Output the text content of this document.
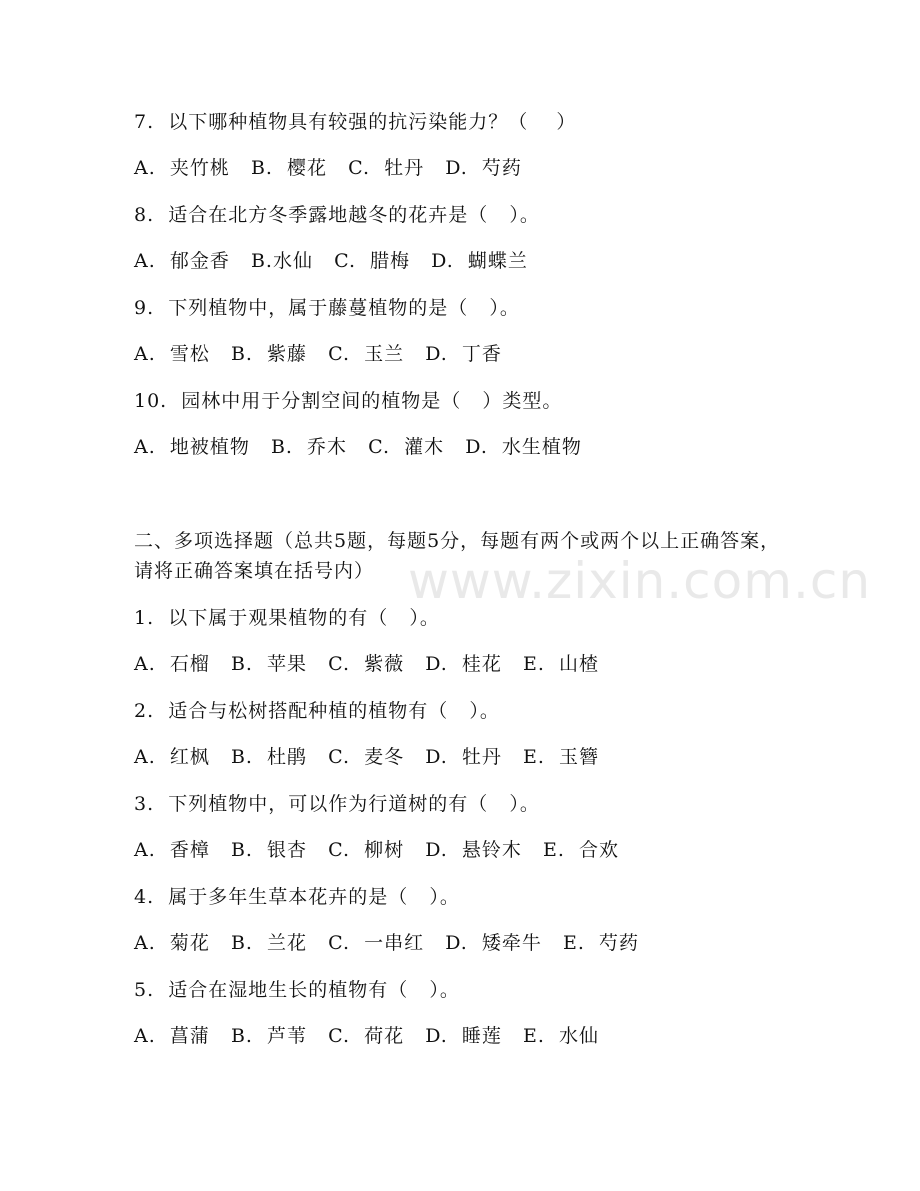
www.zixin.com.cn
7.  以下哪种植物具有较强的抗污染能力？（    ）
A.  夹竹桃   B.  樱花   C.  牡丹   D.  芍药
8.  适合在北方冬季露地越冬的花卉是（   ）。
A.  郁金香   B.水仙   C.  腊梅   D.  蝴蝶兰
9.  下列植物中，属于藤蔓植物的是（   ）。
A.  雪松   B.  紫藤   C.  玉兰   D.  丁香
10.  园林中用于分割空间的植物是（   ）类型。
A.  地被植物   B.  乔木   C.  灌木   D.  水生植物
二、多项选择题（总共5题，每题5分，每题有两个或两个以上正确答案，请将正确答案填在括号内）
1.  以下属于观果植物的有（   ）。
A.  石榴   B.  苹果   C.  紫薇   D.  桂花   E.  山楂
2.  适合与松树搭配种植的植物有（   ）。
A.  红枫   B.  杜鹃   C.  麦冬   D.  牡丹   E.  玉簪
3.  下列植物中，可以作为行道树的有（   ）。
A.  香樟   B.  银杏   C.  柳树   D.  悬铃木   E.  合欢
4.  属于多年生草本花卉的是（   ）。
A.  菊花   B.  兰花   C.  一串红   D.  矮牵牛   E.  芍药
5.  适合在湿地生长的植物有（   ）。
A.  菖蒲   B.  芦苇   C.  荷花   D.  睡莲   E.  水仙
